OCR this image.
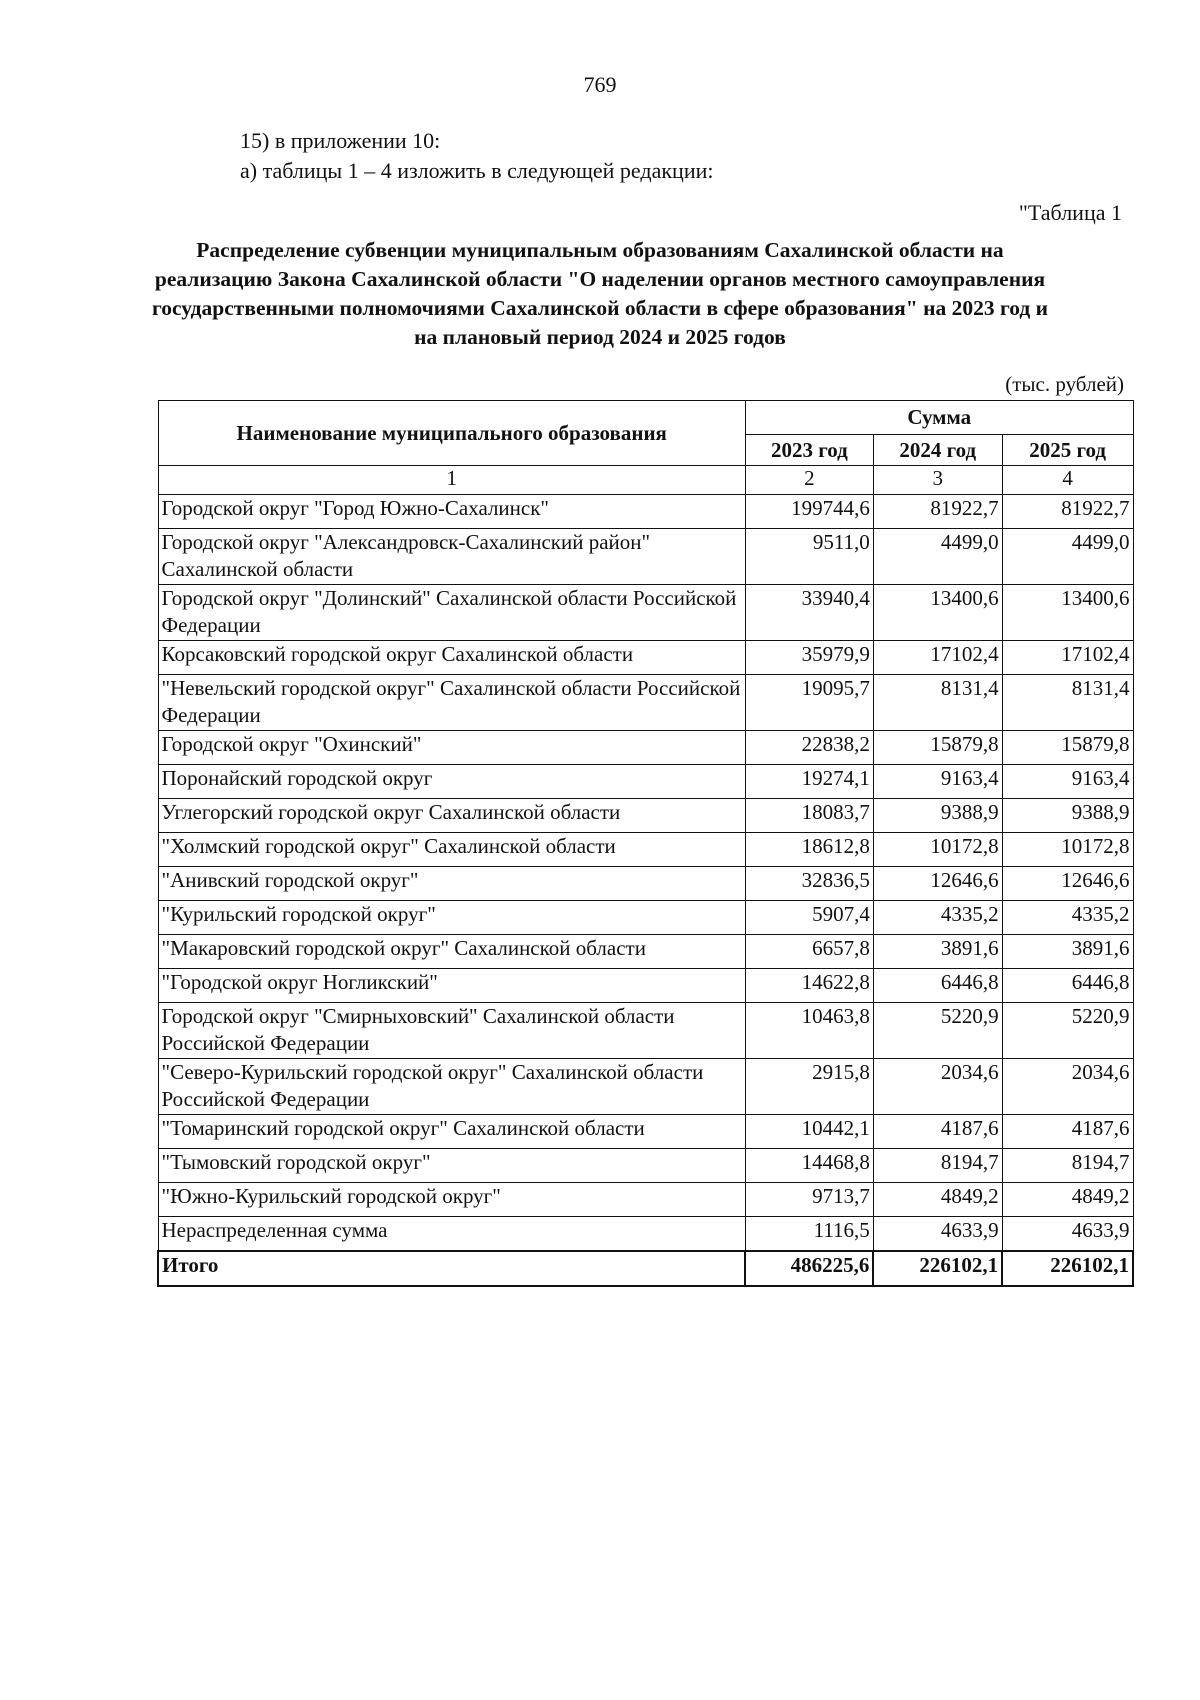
769
15) в приложении 10:
а) таблицы 1 – 4 изложить в следующей редакции:
"Таблица 1
Распределение субвенции муниципальным образованиям Сахалинской области на реализацию Закона Сахалинской области "О наделении органов местного самоуправления государственными полномочиями Сахалинской области в сфере образования" на 2023 год и на плановый период 2024 и 2025 годов
(тыс. рублей)
Наименование муниципального образования	Сумма		
	2023 год	2024 год	2025 год
1	2	3	4
Городской округ "Город Южно-Сахалинск"	199744,6	81922,7	81922,7
Городской округ "Александровск-Сахалинский район" Сахалинской области	9511,0	4499,0	4499,0
Городской округ "Долинский" Сахалинской области Российской Федерации	33940,4	13400,6	13400,6
Корсаковский городской округ Сахалинской области	35979,9	17102,4	17102,4
"Невельский городской округ" Сахалинской области Российской Федерации	19095,7	8131,4	8131,4
Городской округ "Охинский"	22838,2	15879,8	15879,8
Поронайский городской округ	19274,1	9163,4	9163,4
Углегорский городской округ Сахалинской области	18083,7	9388,9	9388,9
"Холмский городской округ" Сахалинской области	18612,8	10172,8	10172,8
"Анивский городской округ"	32836,5	12646,6	12646,6
"Курильский городской округ"	5907,4	4335,2	4335,2
"Макаровский городской округ" Сахалинской области	6657,8	3891,6	3891,6
"Городской округ Ногликский"	14622,8	6446,8	6446,8
Городской округ "Смирныховский" Сахалинской области Российской Федерации	10463,8	5220,9	5220,9
"Северо-Курильский городской округ" Сахалинской области Российской Федерации	2915,8	2034,6	2034,6
"Томаринский городской округ" Сахалинской области	10442,1	4187,6	4187,6
"Тымовский городской округ"	14468,8	8194,7	8194,7
"Южно-Курильский городской округ"	9713,7	4849,2	4849,2
Нераспределенная сумма	1116,5	4633,9	4633,9
Итого	486225,6	226102,1	226102,1
